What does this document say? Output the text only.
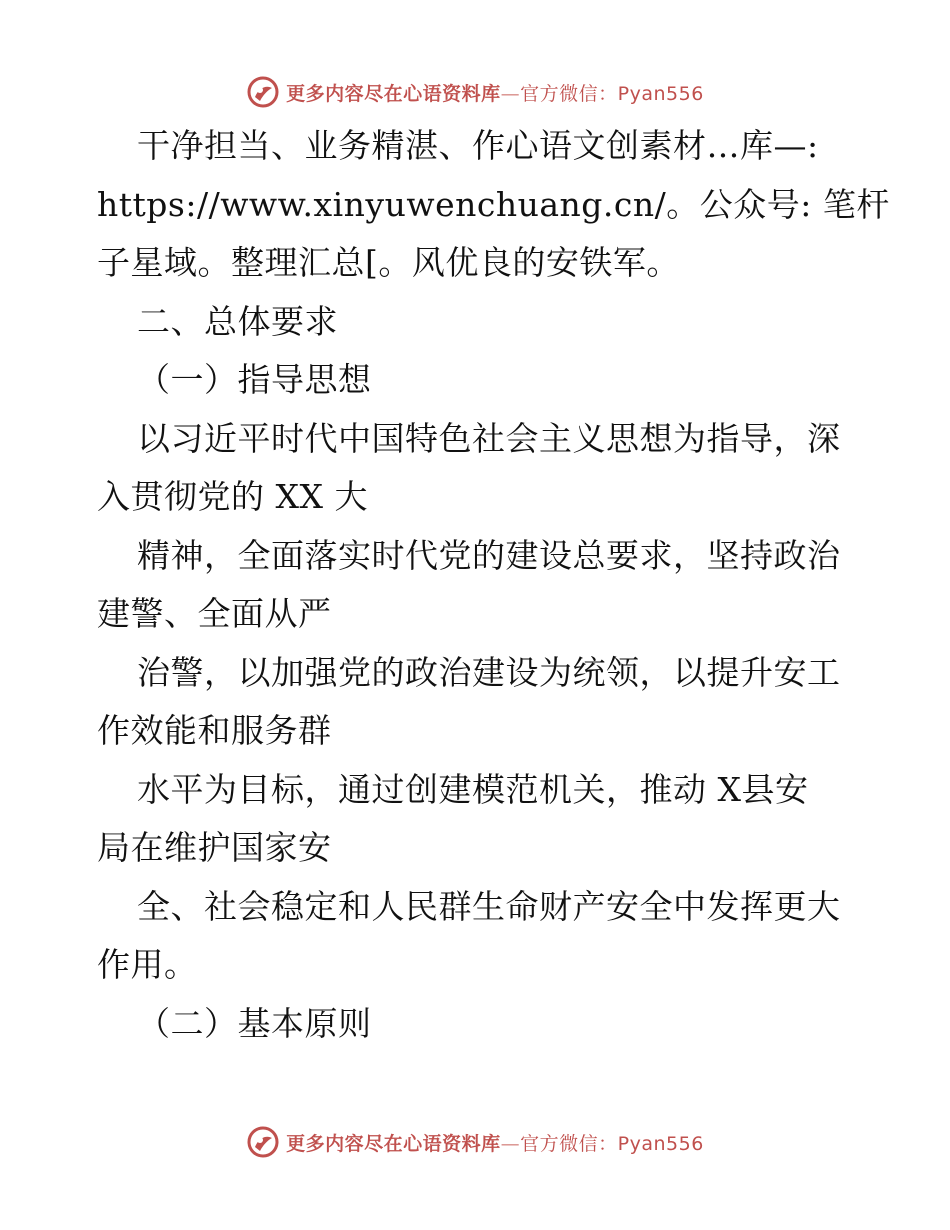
更多内容尽在心语资料库—官方微信：Pyan556
干净担当、业务精湛、作心语文创素材…库—:
https://www.xinyuwenchuang.cn/。公众号: 笔杆
子星域。整理汇总[。风优良的安铁军。
二、总体要求
（一）指导思想
以习近平时代中国特色社会主义思想为指导，深
入贯彻党的 XX 大
精神，全面落实时代党的建设总要求，坚持政治
建警、全面从严
治警，以加强党的政治建设为统领，以提升安工
作效能和服务群
水平为目标，通过创建模范机关，推动 X县安
局在维护国家安
全、社会稳定和人民群生命财产安全中发挥更大
作用。
（二）基本原则
更多内容尽在心语资料库—官方微信：Pyan556
